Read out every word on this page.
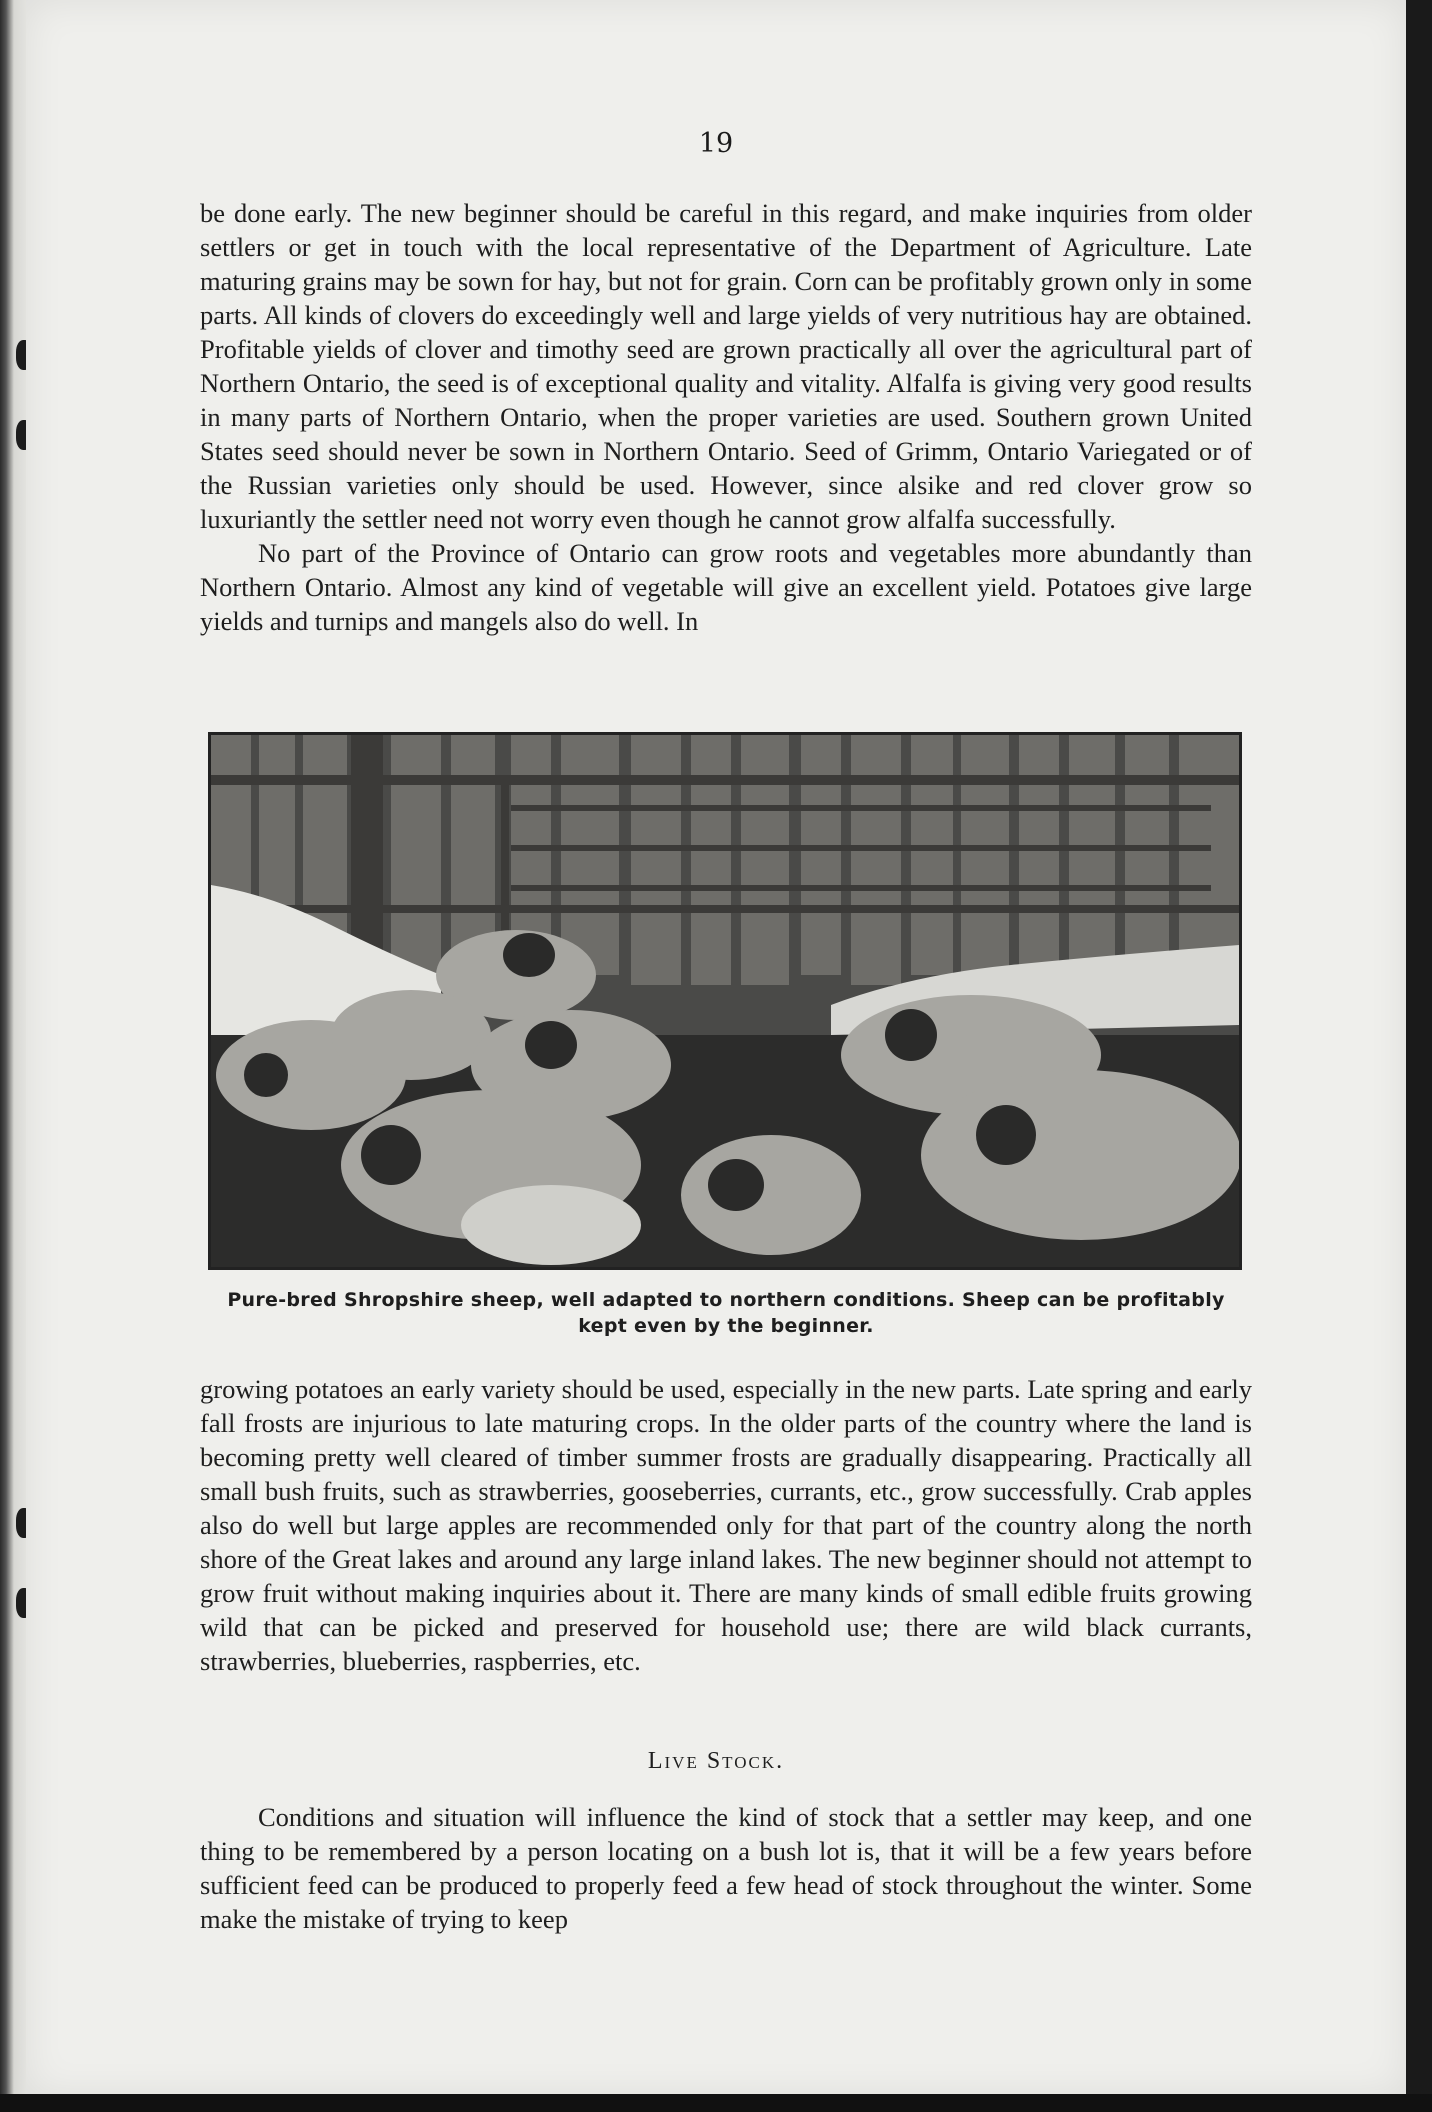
19

be done early. The new beginner should be careful in this regard, and make inquiries from older settlers or get in touch with the local representative of the Department of Agriculture. Late maturing grains may be sown for hay, but not for grain. Corn can be profitably grown only in some parts. All kinds of clovers do exceedingly well and large yields of very nutritious hay are obtained. Profitable yields of clover and timothy seed are grown practically all over the agricultural part of Northern Ontario, the seed is of exceptional quality and vitality. Alfalfa is giving very good results in many parts of Northern Ontario, when the proper varieties are used. Southern grown United States seed should never be sown in Northern Ontario. Seed of Grimm, Ontario Variegated or of the Russian varieties only should be used. However, since alsike and red clover grow so luxuriantly the settler need not worry even though he cannot grow alfalfa successfully.

No part of the Province of Ontario can grow roots and vegetables more abundantly than Northern Ontario. Almost any kind of vegetable will give an excellent yield. Potatoes give large yields and turnips and mangels also do well. In

Pure-bred Shropshire sheep, well adapted to northern conditions. Sheep can be profitably kept even by the beginner.

growing potatoes an early variety should be used, especially in the new parts. Late spring and early fall frosts are injurious to late maturing crops. In the older parts of the country where the land is becoming pretty well cleared of timber summer frosts are gradually disappearing. Practically all small bush fruits, such as strawberries, gooseberries, currants, etc., grow successfully. Crab apples also do well but large apples are recommended only for that part of the country along the north shore of the Great lakes and around any large inland lakes. The new beginner should not attempt to grow fruit without making inquiries about it. There are many kinds of small edible fruits growing wild that can be picked and preserved for household use; there are wild black currants, strawberries, blueberries, raspberries, etc.

Live Stock.

Conditions and situation will influence the kind of stock that a settler may keep, and one thing to be remembered by a person locating on a bush lot is, that it will be a few years before sufficient feed can be produced to properly feed a few head of stock throughout the winter. Some make the mistake of trying to keep
